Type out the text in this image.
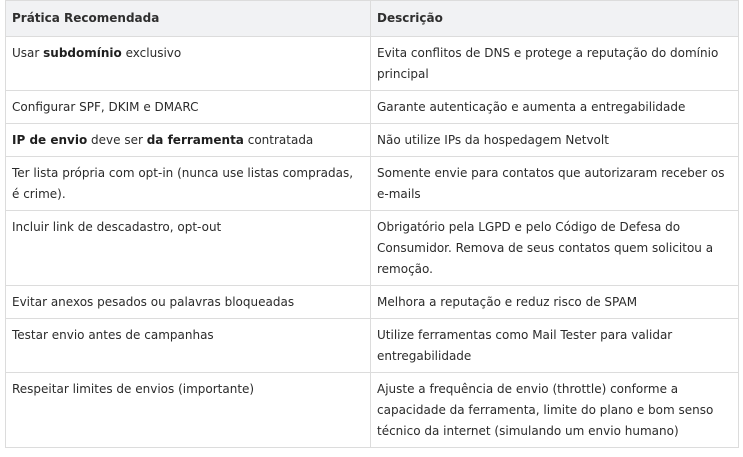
Prática Recomendada	Descrição
Usar subdomínio exclusivo	Evita conflitos de DNS e protege a reputação do domínio principal
Configurar SPF, DKIM e DMARC	Garante autenticação e aumenta a entregabilidade
IP de envio deve ser da ferramenta contratada	Não utilize IPs da hospedagem Netvolt
Ter lista própria com opt-in (nunca use listas compradas, é crime).	Somente envie para contatos que autorizaram receber os e-mails
Incluir link de descadastro, opt-out	Obrigatório pela LGPD e pelo Código de Defesa do Consumidor. Remova de seus contatos quem solicitou a remoção.
Evitar anexos pesados ou palavras bloqueadas	Melhora a reputação e reduz risco de SPAM
Testar envio antes de campanhas	Utilize ferramentas como Mail Tester para validar entregabilidade
Respeitar limites de envios (importante)	Ajuste a frequência de envio (throttle) conforme a capacidade da ferramenta, limite do plano e bom senso técnico da internet (simulando um envio humano)
